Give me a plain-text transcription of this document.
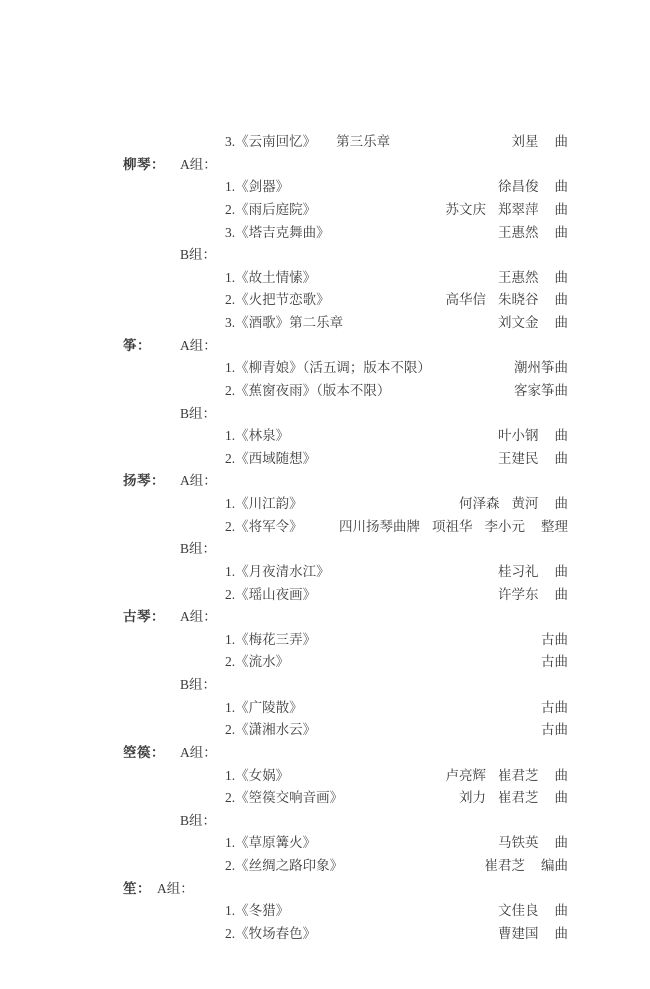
3.《云南回忆》 第三乐章	刘星 曲
柳琴： A组：
1.《剑器》	徐昌俊 曲
2.《雨后庭院》	苏文庆 郑翠萍 曲
3.《塔吉克舞曲》	王惠然 曲
B组：
1.《故土情愫》	王惠然 曲
2.《火把节恋歌》	高华信 朱晓谷 曲
3.《酒歌》第二乐章	刘文金 曲
筝： A组：
1.《柳青娘》（活五调；版本不限）	潮州筝曲
2.《蕉窗夜雨》（版本不限）	客家筝曲
B组：
1.《林泉》	叶小钢 曲
2.《西域随想》	王建民 曲
扬琴： A组：
1.《川江韵》	何泽森 黄河 曲
2.《将军令》	四川扬琴曲牌 项祖华 李小元 整理
B组：
1.《月夜清水江》	桂习礼 曲
2.《瑶山夜画》	许学东 曲
古琴： A组：
1.《梅花三弄》	古曲
2.《流水》	古曲
B组：
1.《广陵散》	古曲
2.《潇湘水云》	古曲
箜篌： A组：
1.《女娲》	卢亮辉 崔君芝 曲
2.《箜篌交响音画》	刘力 崔君芝 曲
B组：
1.《草原篝火》	马铁英 曲
2.《丝绸之路印象》	崔君芝 编曲
笙： A组：
1.《冬猎》	文佳良 曲
2.《牧场春色》	曹建国 曲
